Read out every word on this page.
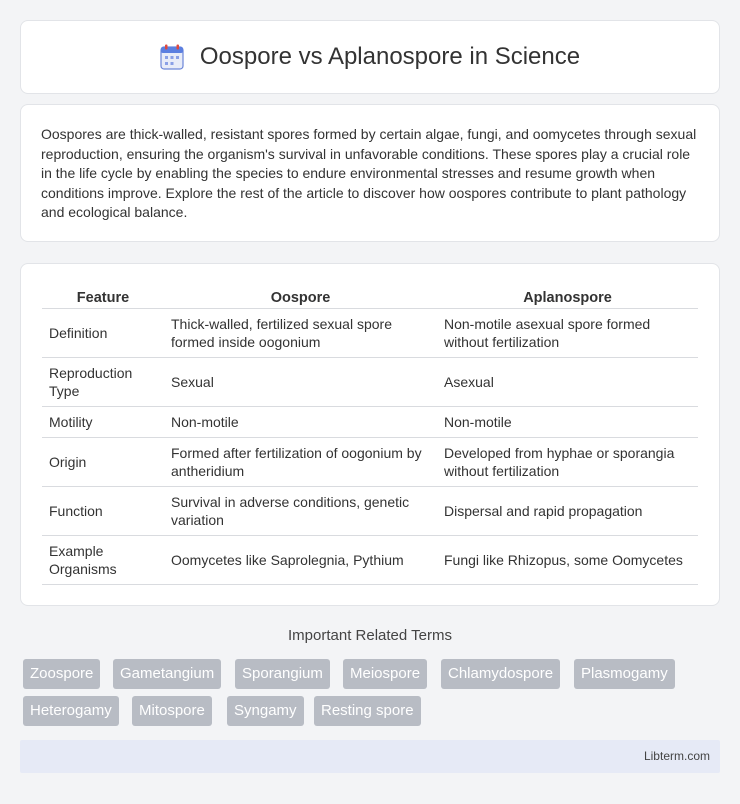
Oospore vs Aplanospore in Science

Oospores are thick-walled, resistant spores formed by certain algae, fungi, and oomycetes through sexual reproduction, ensuring the organism's survival in unfavorable conditions. These spores play a crucial role in the life cycle by enabling the species to endure environmental stresses and resume growth when conditions improve. Explore the rest of the article to discover how oospores contribute to plant pathology and ecological balance.

Feature	Oospore	Aplanospore
Definition	Thick-walled, fertilized sexual spore formed inside oogonium	Non-motile asexual spore formed without fertilization
Reproduction Type	Sexual	Asexual
Motility	Non-motile	Non-motile
Origin	Formed after fertilization of oogonium by antheridium	Developed from hyphae or sporangia without fertilization
Function	Survival in adverse conditions, genetic variation	Dispersal and rapid propagation
Example Organisms	Oomycetes like Saprolegnia, Pythium	Fungi like Rhizopus, some Oomycetes
Important Related Terms
Zoospore	Gametangium	Sporangium	Meiospore	Chlamydospore	Plasmogamy
Heterogamy	Mitospore	Syngamy	Resting spore
Libterm.com
